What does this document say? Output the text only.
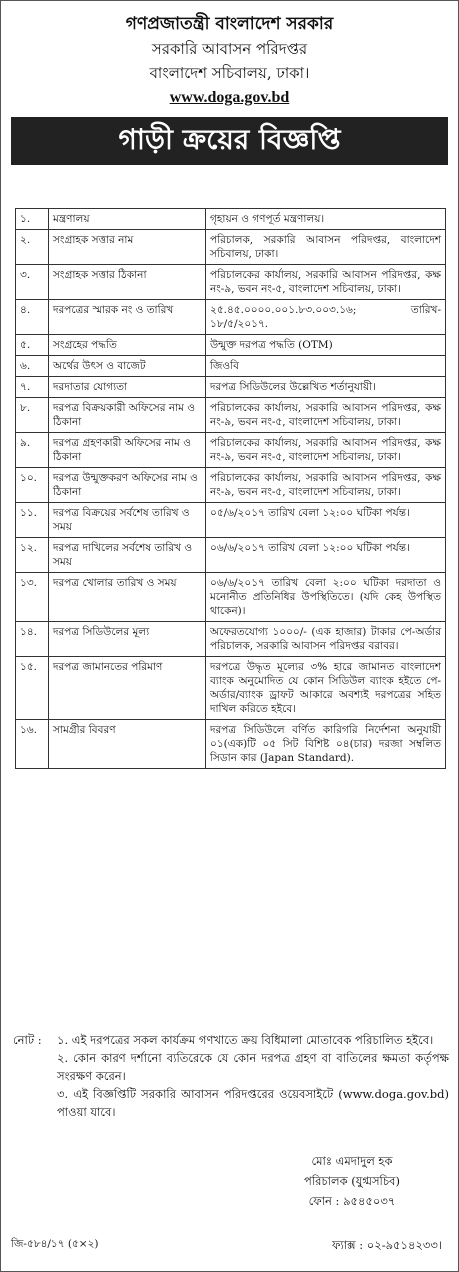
গণপ্রজাতন্ত্রী বাংলাদেশ সরকার
সরকারি আবাসন পরিদপ্তর
বাংলাদেশ সচিবালয়, ঢাকা।
www.doga.gov.bd
গাড়ী ক্রয়ের বিজ্ঞপ্তি
১.	মন্ত্রণালয়	গৃহায়ন ও গণপূর্ত মন্ত্রণালয়।
২.	সংগ্রাহক সত্তার নাম	পরিচালক, সরকারি আবাসন পরিদপ্তর, বাংলাদেশ সচিবালয়, ঢাকা।
৩.	সংগ্রাহক সত্তার ঠিকানা	পরিচালকের কার্যালয়, সরকারি আবাসন পরিদপ্তর, কক্ষ নং-৯, ভবন নং-৫, বাংলাদেশ সচিবালয়, ঢাকা।
৪.	দরপত্রের স্মারক নং ও তারিখ	২৫.৪৫.০০০০.০০১.৮৩.০০৩.১৬; তারিখ- ১৮/৫/২০১৭.
৫.	সংগ্রহের পদ্ধতি	উন্মুক্ত দরপত্র পদ্ধতি (OTM)
৬.	অর্থের উৎস ও বাজেট	জিওবি
৭.	দরদাতার যোগ্যতা	দরপত্র সিডিউলের উল্লেখিত শর্তানুযায়ী।
৮.	দরপত্র বিক্রয়কারী অফিসের নাম ও ঠিকানা	পরিচালকের কার্যালয়, সরকারি আবাসন পরিদপ্তর, কক্ষ নং-৯, ভবন নং-৫, বাংলাদেশ সচিবালয়, ঢাকা।
৯.	দরপত্র গ্রহণকারী অফিসের নাম ও ঠিকানা	পরিচালকের কার্যালয়, সরকারি আবাসন পরিদপ্তর, কক্ষ নং-৯, ভবন নং-৫, বাংলাদেশ সচিবালয়, ঢাকা।
১০.	দরপত্র উন্মুক্তকরণ অফিসের নাম ও ঠিকানা	পরিচালকের কার্যালয়, সরকারি আবাসন পরিদপ্তর, কক্ষ নং-৯, ভবন নং-৫, বাংলাদেশ সচিবালয়, ঢাকা।
১১.	দরপত্র বিক্রয়ের সর্বশেষ তারিখ ও সময়	০৫/৬/২০১৭ তারিখ বেলা ১২:০০ ঘটিকা পর্যন্ত।
১২.	দরপত্র দাখিলের সর্বশেষ তারিখ ও সময়	০৬/৬/২০১৭ তারিখ বেলা ১২:০০ ঘটিকা পর্যন্ত।
১৩.	দরপত্র খোলার তারিখ ও সময়	০৬/৬/২০১৭ তারিখ বেলা ২:০০ ঘটিকা দরদাতা ও মনোনীত প্রতিনিধির উপস্থিতিতে। (যদি কেহ উপস্থিত থাকেন)।
১৪.	দরপত্র সিডিউলের মূল্য	অফেরতযোগ্য ১০০০/- (এক হাজার) টাকার পে-অর্ডার পরিচালক, সরকারি আবাসন পরিদপ্তর বরাবর।
১৫.	দরপত্র জামানতের পরিমাণ	দরপত্রে উদ্ধৃত মূল্যের ৩% হারে জামানত বাংলাদেশ ব্যাংক অনুমোদিত যে কোন সিডিউল ব্যাংক হইতে পে-অর্ডার/ব্যাংক ড্রাফট আকারে অবশ্যই দরপত্রের সহিত দাখিল করিতে হইবে।
১৬.	সামগ্রীর বিবরণ	দরপত্র সিডিউলে বর্ণিত কারিগরি নির্দেশনা অনুযায়ী ০১(এক)টি ০৫ সিট বিশিষ্ট ০৪(চার) দরজা সম্বলিত সিডান কার (Japan Standard).
নোট :	১. এই দরপত্রের সকল কার্যক্রম গণখাতে ক্রয় বিধিমালা মোতাবেক পরিচালিত হইবে।
২. কোন কারণ দর্শানো ব্যতিরেকে যে কোন দরপত্র গ্রহণ বা বাতিলের ক্ষমতা কর্তৃপক্ষ সংরক্ষণ করেন।
৩. এই বিজ্ঞপ্তিটি সরকারি আবাসন পরিদপ্তরের ওয়েবসাইটে (www.doga.gov.bd) পাওয়া যাবে।
মোঃ এমদাদুল হক
পরিচালক (যুগ্মসচিব)
ফোন : ৯৫৪৫০৩৭
জি-৫৮৪/১৭ (৫×২)	ফ্যাক্স : ০২-৯৫১৪২৩৩।
